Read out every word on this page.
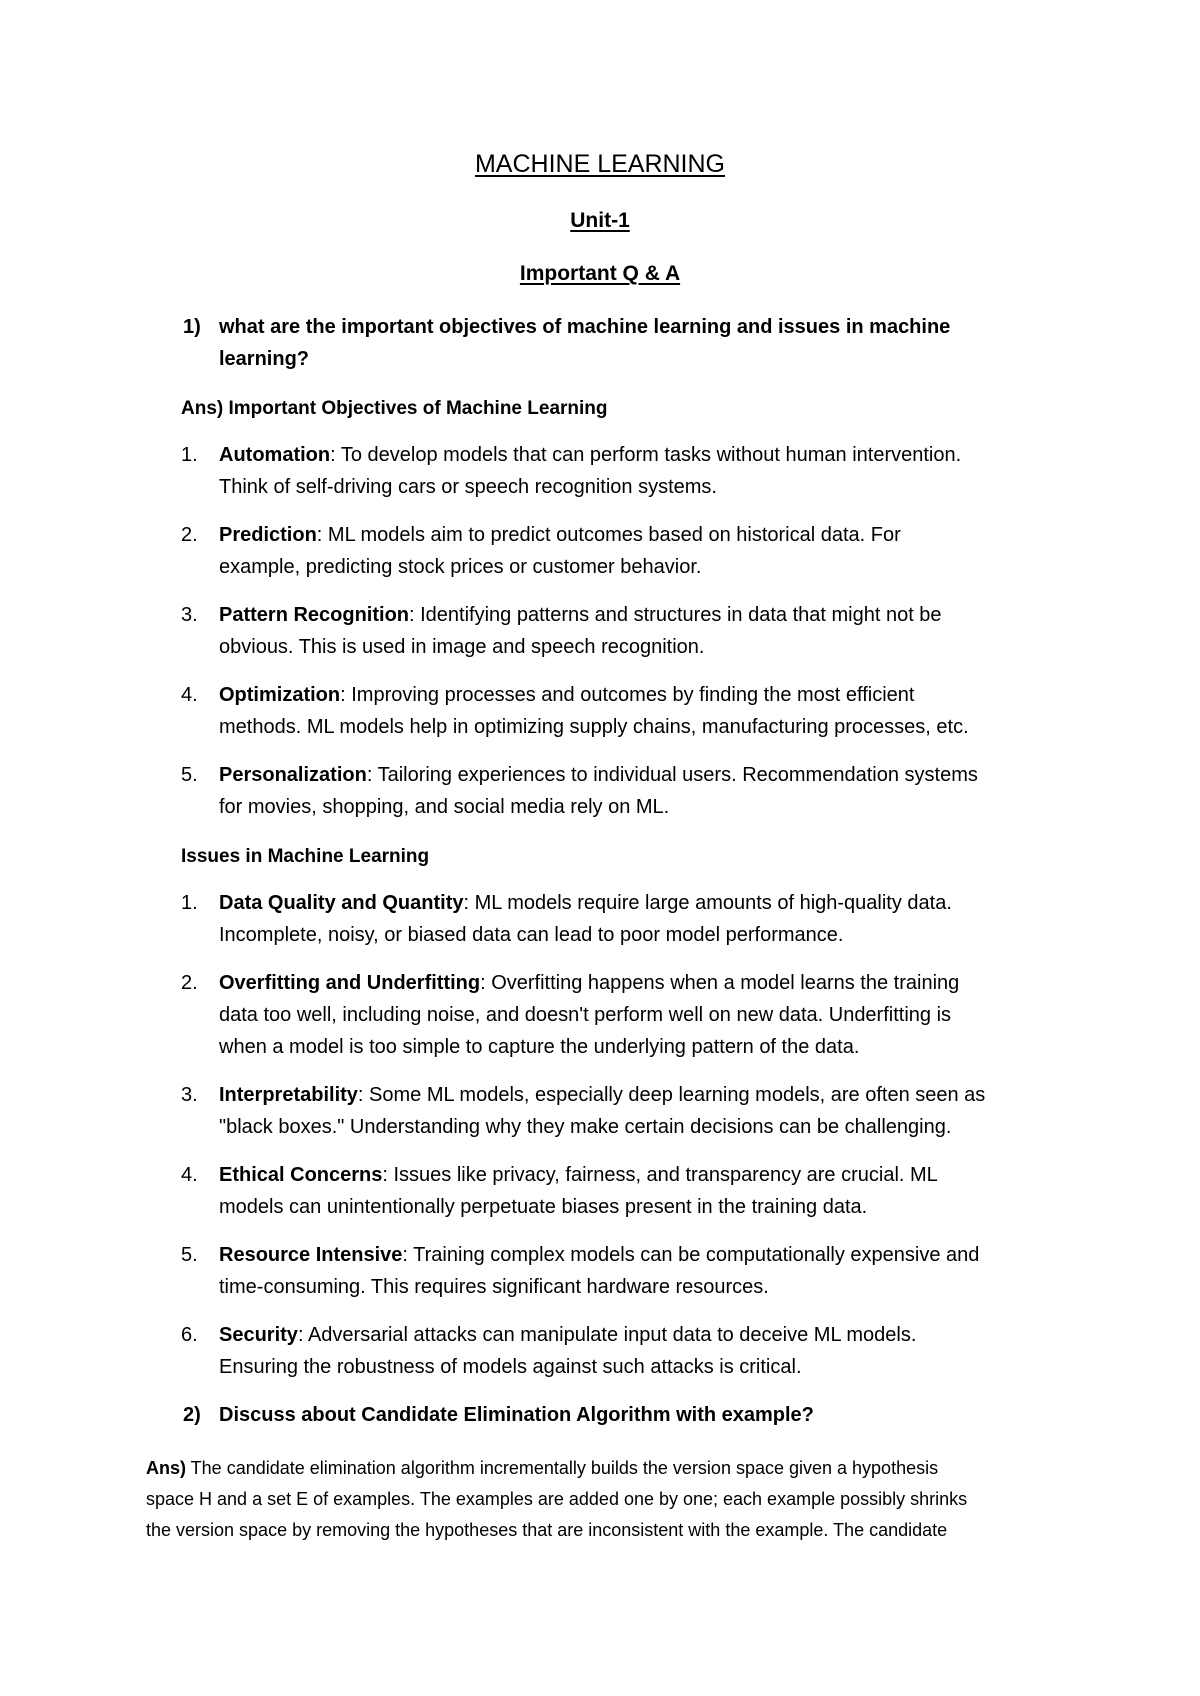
MACHINE LEARNING
Unit-1
Important Q & A
1) what are the important objectives of machine learning and issues in machine
learning?
Ans) Important Objectives of Machine Learning
1. Automation: To develop models that can perform tasks without human intervention.
Think of self-driving cars or speech recognition systems.
2. Prediction: ML models aim to predict outcomes based on historical data. For
example, predicting stock prices or customer behavior.
3. Pattern Recognition: Identifying patterns and structures in data that might not be
obvious. This is used in image and speech recognition.
4. Optimization: Improving processes and outcomes by finding the most efficient
methods. ML models help in optimizing supply chains, manufacturing processes, etc.
5. Personalization: Tailoring experiences to individual users. Recommendation systems
for movies, shopping, and social media rely on ML.
Issues in Machine Learning
1. Data Quality and Quantity: ML models require large amounts of high-quality data.
Incomplete, noisy, or biased data can lead to poor model performance.
2. Overfitting and Underfitting: Overfitting happens when a model learns the training
data too well, including noise, and doesn't perform well on new data. Underfitting is
when a model is too simple to capture the underlying pattern of the data.
3. Interpretability: Some ML models, especially deep learning models, are often seen as
"black boxes." Understanding why they make certain decisions can be challenging.
4. Ethical Concerns: Issues like privacy, fairness, and transparency are crucial. ML
models can unintentionally perpetuate biases present in the training data.
5. Resource Intensive: Training complex models can be computationally expensive and
time-consuming. This requires significant hardware resources.
6. Security: Adversarial attacks can manipulate input data to deceive ML models.
Ensuring the robustness of models against such attacks is critical.
2) Discuss about Candidate Elimination Algorithm with example?
Ans) The candidate elimination algorithm incrementally builds the version space given a hypothesis
space H and a set E of examples. The examples are added one by one; each example possibly shrinks
the version space by removing the hypotheses that are inconsistent with the example. The candidate
